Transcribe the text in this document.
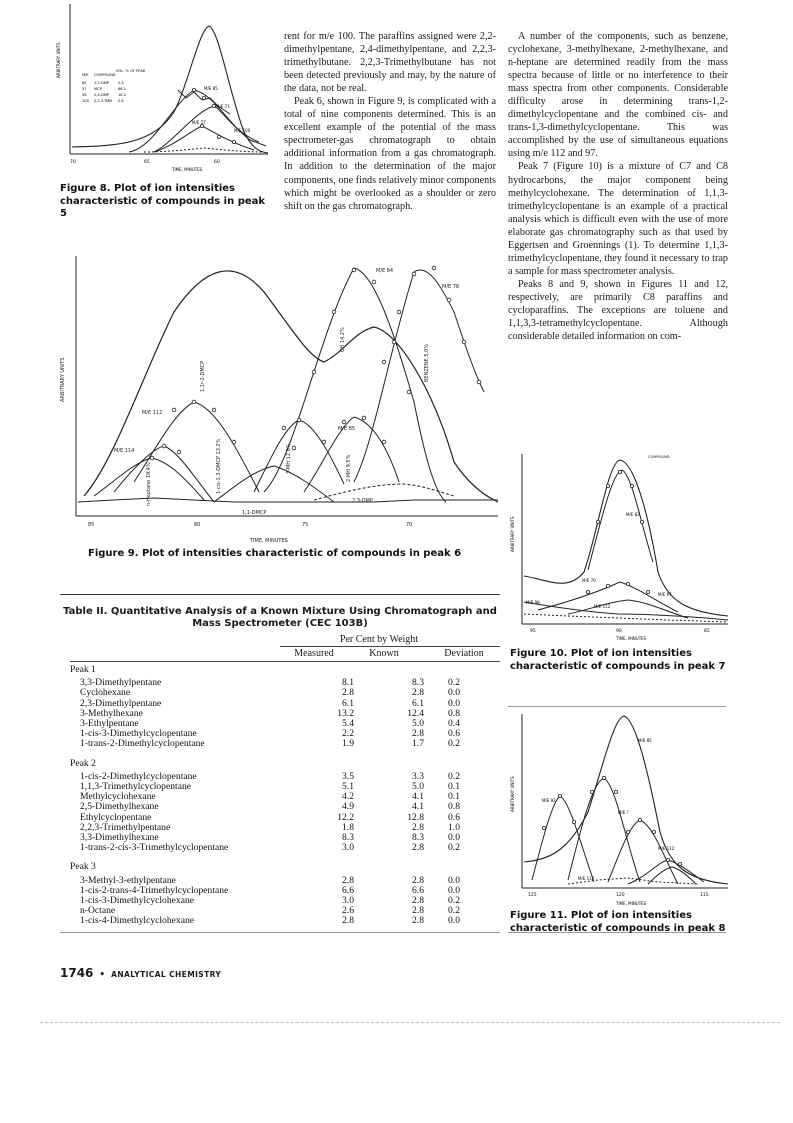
ARBITRARY UNITS
70	65	60
TIME, MINUTES
M/E 85
M/E 71
M/E 57
M/E 100
M/E COMPOUND
VOL. % OF PEAK
85 2,2-DMP 2.4
57 MCP	68.1
56 2,4-DMP 18.2
100 2,2,3-TMB 0.8
Figure 8. Plot of ion intensities characteristic of compounds in peak 5

rent for m/e 100. The paraffins assigned were 2,2-dimethylpentane, 2,4-dimethylpentane, and 2,2,3-trimethylbutane. 2,2,3-Trimethylbutane has not been detected previously and may, by the nature of the data, not be real.

Peak 6, shown in Figure 9, is complicated with a total of nine components determined. This is an excellent example of the potential of the mass spectrometer-gas chromatograph to obtain additional information from a gas chromatograph. In addition to the determination of the major components, one finds relatively minor components which might be overlooked as a shoulder or zero shift on the gas chromatograph.

A number of the components, such as benzene, cyclohexane, 3-methylhexane, 2-methylhexane, and n-heptane are determined readily from the mass spectra because of little or no interference to their mass spectra from other components. Considerable difficulty arose in determining trans-1,2-dimethylcyclopentane and the combined cis- and trans-1,3-dimethylcyclopentane. This was accomplished by the use of simultaneous equations using m/e 112 and 97.

Peak 7 (Figure 10) is a mixture of C7 and C8 hydrocarbons, the major component being methylcyclohexane. The determination of 1,1,3-trimethylcyclopentane is an example of a practical analysis which is difficult even with the use of more elaborate gas chromatography such as that used by Eggertsen and Groennings (1). To determine 1,1,3-trimethylcyclopentane, they found it necessary to trap a sample for mass spectrometer analysis.

Peaks 8 and 9, shown in Figures 11 and 12, respectively, are primarily C8 paraffins and cycloparaffins. The exceptions are toluene and 1,1,3,3-tetramethylcyclopentane. Although considerable detailed information on com-

ARBITRARY UNITS
85	80	75	70
TIME, MINUTES
M/E 84
M/E 78
M/E 112
M/E 114
M/E 85
1,1-DMCP
2,3-DMP
CH 14.2%
BENZENE 5.0%
1,1r-2-DMCP
1-cis-1,3-DMCP 13.2%	3-MH 12.8%	2-MH 9.5%
n-Heptane 19.4%
Figure 9. Plot of intensities characteristic of compounds in peak 6
Table II. Quantitative Analysis of a Known Mixture Using Chromatograph and
Mass Spectrometer (CEC 103B)
Per Cent by Weight
Measured	Known	Deviation
Peak 1			
3,3-Dimethylpentane	8.1	8.3	0.2
Cyclohexane	2.8	2.8	0.0
2,3-Dimethylpentane	6.1	6.1	0.0
3-Methylhexane	13.2	12.4	0.8
3-Ethylpentane	5.4	5.0	0.4
1-cis-3-Dimethylcyclopentane	2.2	2.8	0.6
1-trans-2-Dimethylcyclopentane	1.9	1.7	0.2
Peak 2			
1-cis-2-Dimethylcyclopentane	3.5	3.3	0.2
1,1,3-Trimethylcyclopentane	5.1	5.0	0.1
Methylcyclohexane	4.2	4.1	0.1
2,5-Dimethylhexane	4.9	4.1	0.8
Ethylcyclopentane	12.2	12.8	0.6
2,2,3-Trimethylpentane	1.8	2.8	1.0
3,3-Dimethylhexane	8.3	8.3	0.0
1-trans-2-cis-3-Trimethylcyclopentane	3.0	2.8	0.2
Peak 3			
3-Methyl-3-ethylpentane	2.8	2.8	0.0
1-cis-2-trans-4-Trimethylcyclopentane	6.6	6.6	0.0
1-cis-3-Dimethylcyclohexane	3.0	2.8	0.2
n-Octane	2.6	2.8	0.2
1-cis-4-Dimethylcyclohexane	2.8	2.8	0.0
COMPOUND
ARBITRARY UNITS
95	90	85
TIME, MINUTES
M/E 83
M/E 70
M/E 97
M/E 98
M/E 112
Figure 10. Plot of ion intensities characteristic of compounds in peak 7
ARBITRARY UNITS
125	120	115
TIME, MINUTES
M/E 92
M/E 85
M/E ?
M/E 112
M/E 112
Figure 11. Plot of ion intensities characteristic of compounds in peak 8
1746 • ANALYTICAL CHEMISTRY
